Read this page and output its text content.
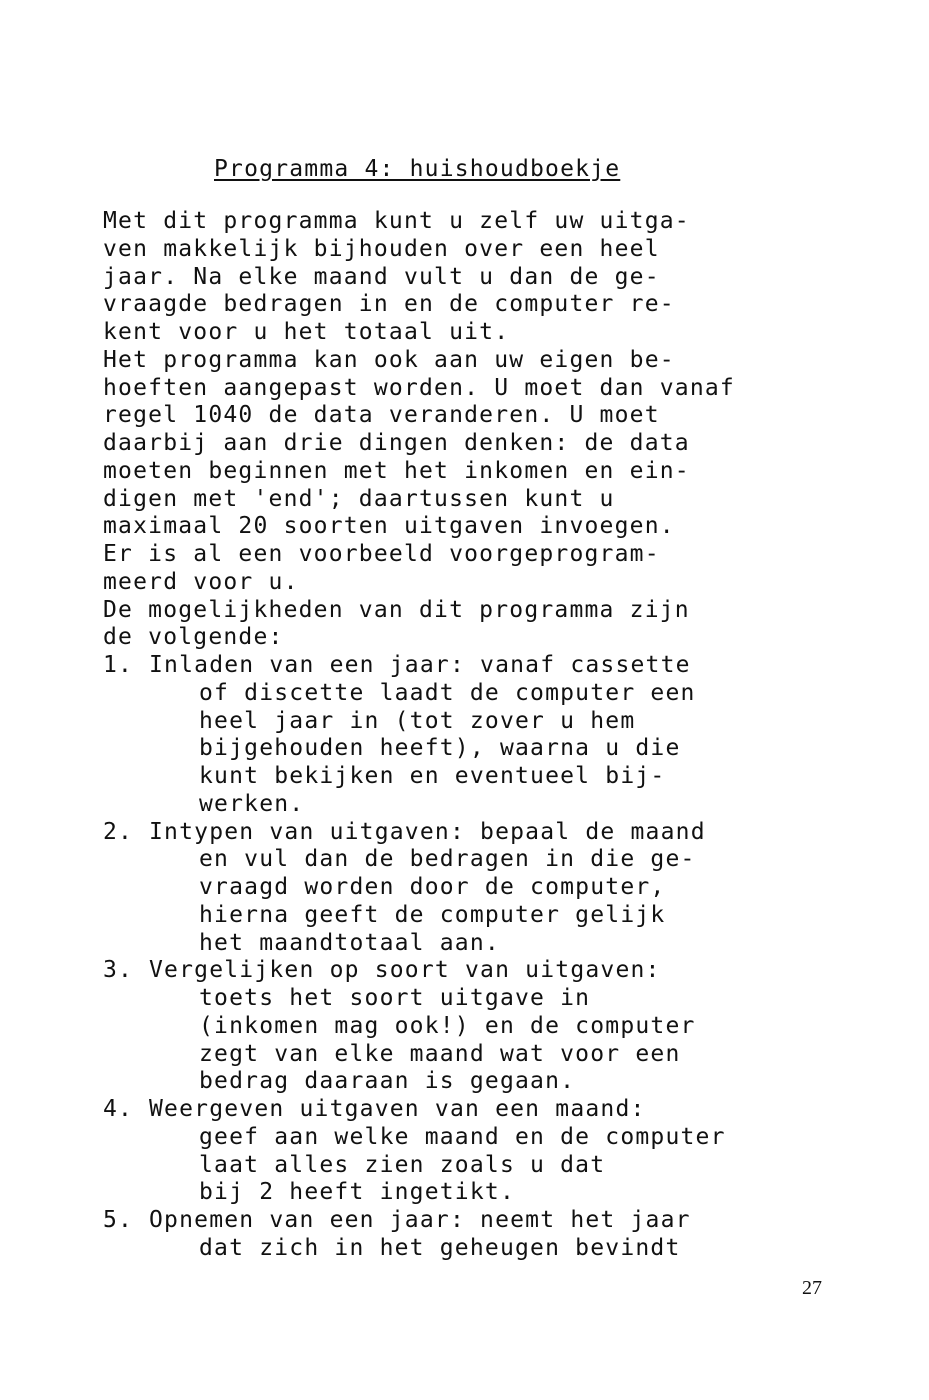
Programma 4: huishoudboekje
Met dit programma kunt u zelf uw uitga-
ven makkelijk bijhouden over een heel
jaar. Na elke maand vult u dan de ge-
vraagde bedragen in en de computer re-
kent voor u het totaal uit.
Het programma kan ook aan uw eigen be-
hoeften aangepast worden. U moet dan vanaf
regel 1040 de data veranderen. U moet
daarbij aan drie dingen denken: de data
moeten beginnen met het inkomen en ein-
digen met 'end'; daartussen kunt u
maximaal 20 soorten uitgaven invoegen.
Er is al een voorbeeld voorgeprogram-
meerd voor u.
De mogelijkheden van dit programma zijn
de volgende:
1. Inladen van een jaar: vanaf cassette
of discette laadt de computer een
heel jaar in (tot zover u hem
bijgehouden heeft), waarna u die
kunt bekijken en eventueel bij-
werken.
2. Intypen van uitgaven: bepaal de maand
en vul dan de bedragen in die ge-
vraagd worden door de computer,
hierna geeft de computer gelijk
het maandtotaal aan.
3. Vergelijken op soort van uitgaven:
toets het soort uitgave in
(inkomen mag ook!) en de computer
zegt van elke maand wat voor een
bedrag daaraan is gegaan.
4. Weergeven uitgaven van een maand:
geef aan welke maand en de computer
laat alles zien zoals u dat
bij 2 heeft ingetikt.
5. Opnemen van een jaar: neemt het jaar
dat zich in het geheugen bevindt
27
